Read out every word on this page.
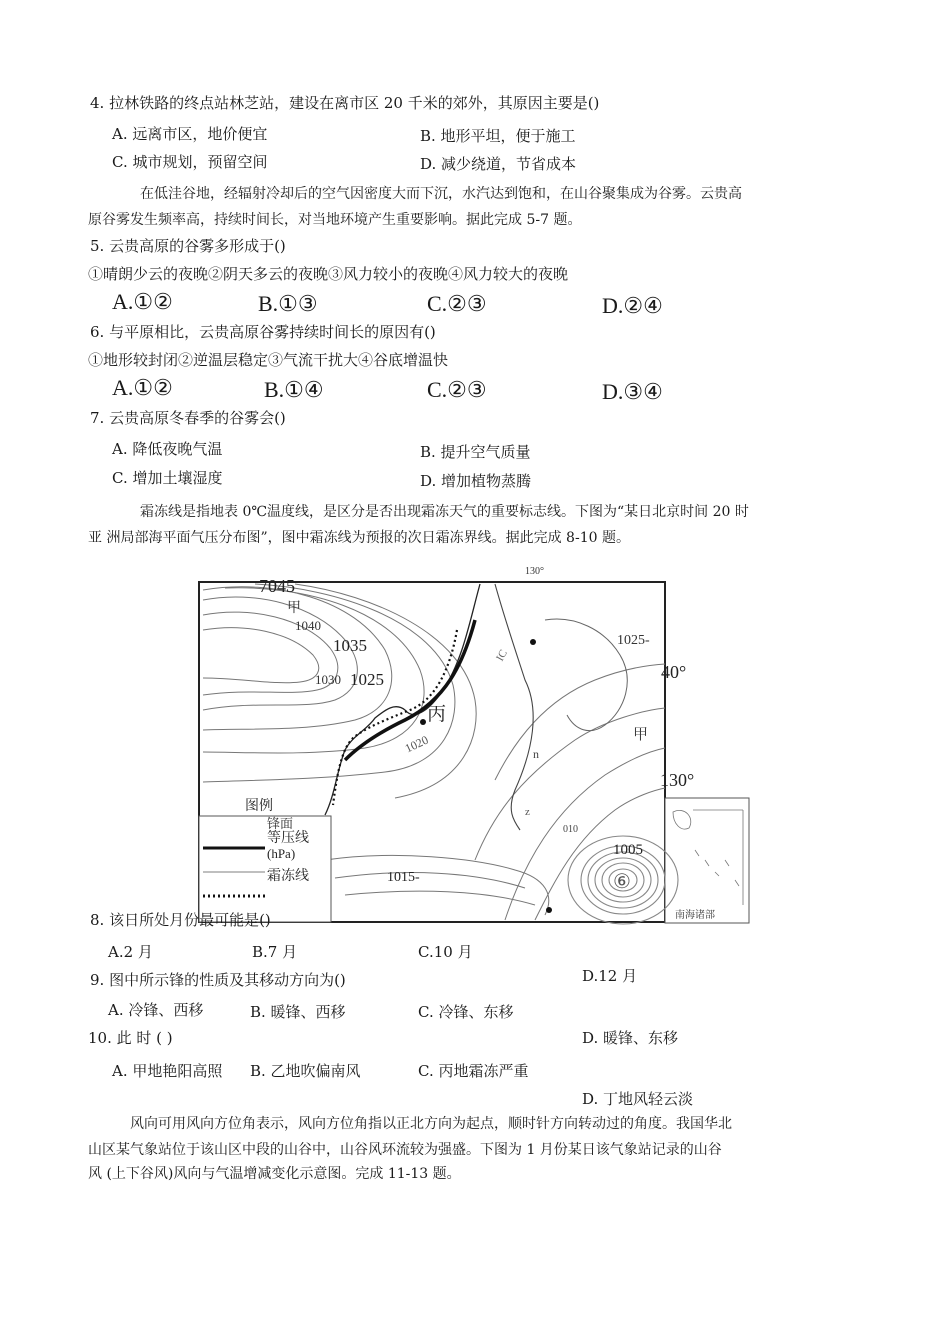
4. 拉林铁路的终点站林芝站，建设在离市区 20 千米的郊外，其原因主要是()
A. 远离市区，地价便宜	B. 地形平坦，便于施工
C. 城市规划，预留空间	D. 减少绕道，节省成本
在低洼谷地，经辐射冷却后的空气因密度大而下沉，水汽达到饱和，在山谷聚集成为谷雾。云贵高
原谷雾发生频率高，持续时间长，对当地环境产生重要影响。据此完成 5-7 题。
5. 云贵高原的谷雾多形成于()
①晴朗少云的夜晚②阴天多云的夜晚③风力较小的夜晚④风力较大的夜晚
A.①②	B.①③	C.②③	D.②④
6. 与平原相比，云贵高原谷雾持续时间长的原因有()
①地形较封闭②逆温层稳定③气流干扰大④谷底增温快
A.①②	B.①④	C.②③	D.③④
7. 云贵高原冬春季的谷雾会()
A. 降低夜晚气温	B. 提升空气质量
C. 增加土壤湿度	D. 增加植物蒸腾
霜冻线是指地表 0℃温度线，是区分是否出现霜冻天气的重要标志线。下图为“某日北京时间 20 时
亚 洲局部海平面气压分布图”，图中霜冻线为预报的次日霜冻界线。据此完成 8-10 题。
7045
甲
1040
1035
1030 1025
1020
丙
IC
130°
1025-
40°
甲
130°
n
z
010
1005
⑥
1015-
南海诸部
图例
锋面
等压线
(hPa)
霜冻线
8. 该日所处月份最可能是()
A.2 月	B.7 月	C.10 月
D.12 月
9. 图中所示锋的性质及其移动方向为()
A. 冷锋、西移	B. 暖锋、西移	C. 冷锋、东移
D. 暖锋、东移
10. 此 时 ( )
A. 甲地艳阳高照 B. 乙地吹偏南风	C. 丙地霜冻严重
D. 丁地风轻云淡
风向可用风向方位角表示，风向方位角指以正北方向为起点，顺时针方向转动过的角度。我国华北
山区某气象站位于该山区中段的山谷中，山谷风环流较为强盛。下图为 1 月份某日该气象站记录的山谷
风 (上下谷风)风向与气温增减变化示意图。完成 11-13 题。
